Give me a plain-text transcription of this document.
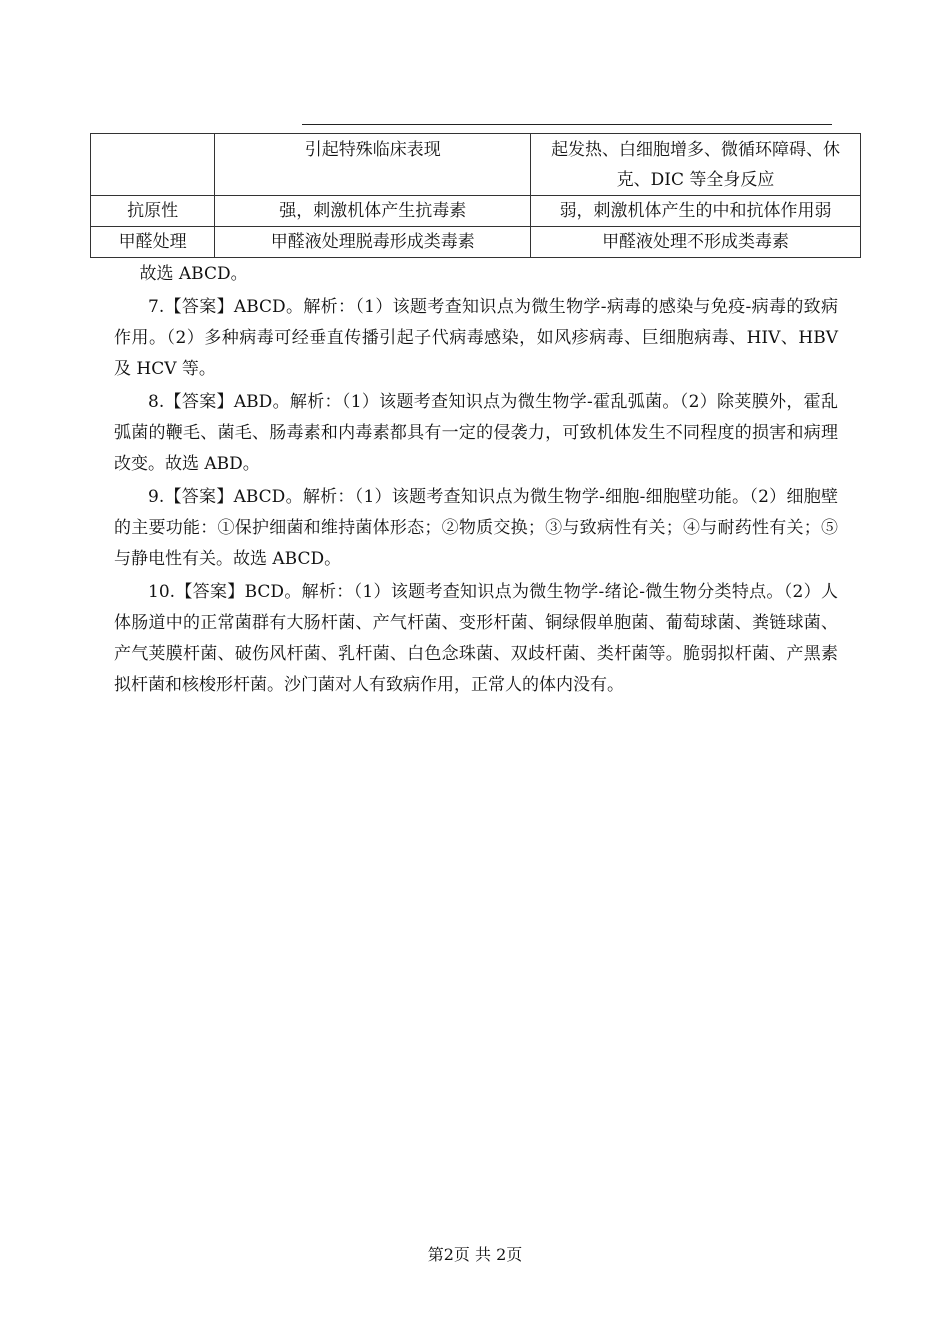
	引起特殊临床表现	起发热、白细胞增多、微循环障碍、休克、DIC 等全身反应
抗原性	强，刺激机体产生抗毒素	弱，刺激机体产生的中和抗体作用弱
甲醛处理	甲醛液处理脱毒形成类毒素	甲醛液处理不形成类毒素

故选 ABCD。

7.【答案】ABCD。解析：（1）该题考查知识点为微生物学-病毒的感染与免疫-病毒的致病作用。（2）多种病毒可经垂直传播引起子代病毒感染，如风疹病毒、巨细胞病毒、HIV、HBV 及 HCV 等。

8.【答案】ABD。解析：（1）该题考查知识点为微生物学-霍乱弧菌。（2）除荚膜外，霍乱弧菌的鞭毛、菌毛、肠毒素和内毒素都具有一定的侵袭力，可致机体发生不同程度的损害和病理改变。故选 ABD。

9.【答案】ABCD。解析：（1）该题考查知识点为微生物学-细胞-细胞壁功能。（2）细胞壁的主要功能：①保护细菌和维持菌体形态；②物质交换；③与致病性有关；④与耐药性有关；⑤与静电性有关。故选 ABCD。

10.【答案】BCD。解析：（1）该题考查知识点为微生物学-绪论-微生物分类特点。（2）人体肠道中的正常菌群有大肠杆菌、产气杆菌、变形杆菌、铜绿假单胞菌、葡萄球菌、粪链球菌、产气荚膜杆菌、破伤风杆菌、乳杆菌、白色念珠菌、双歧杆菌、类杆菌等。脆弱拟杆菌、产黑素拟杆菌和核梭形杆菌。沙门菌对人有致病作用，正常人的体内没有。

第2页 共 2页
